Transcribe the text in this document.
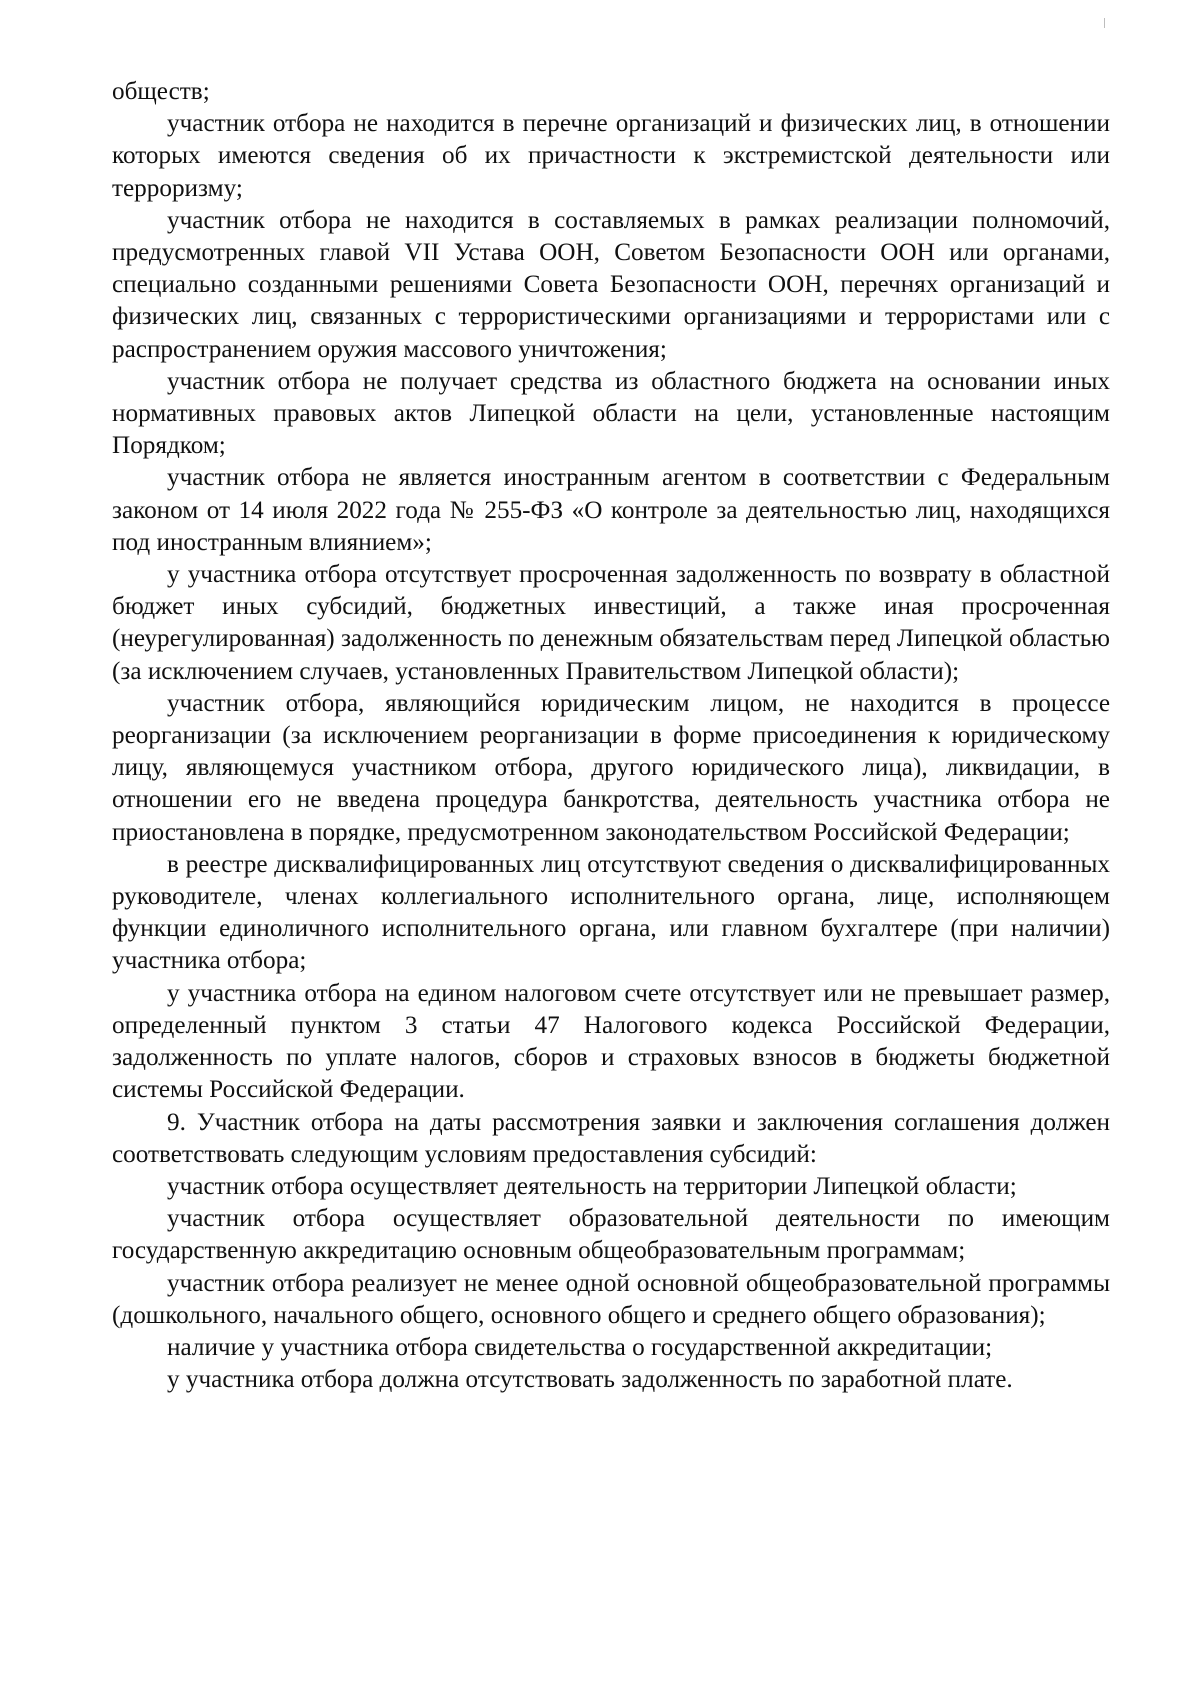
обществ;

участник отбора не находится в перечне организаций и физических лиц, в отношении которых имеются сведения об их причастности к экстремистской деятельности или терроризму;

участник отбора не находится в составляемых в рамках реализации полномочий, предусмотренных главой VII Устава ООН, Советом Безопасности ООН или органами, специально созданными решениями Совета Безопасности ООН, перечнях организаций и физических лиц, связанных с террористическими организациями и террористами или с распространением оружия массового уничтожения;

участник отбора не получает средства из областного бюджета на основании иных нормативных правовых актов Липецкой области на цели, установленные настоящим Порядком;

участник отбора не является иностранным агентом в соответствии с Федеральным законом от 14 июля 2022 года № 255-ФЗ «О контроле за деятельностью лиц, находящихся под иностранным влиянием»;

у участника отбора отсутствует просроченная задолженность по возврату в областной бюджет иных субсидий, бюджетных инвестиций, а также иная просроченная (неурегулированная) задолженность по денежным обязательствам перед Липецкой областью (за исключением случаев, установленных Правительством Липецкой области);

участник отбора, являющийся юридическим лицом, не находится в процессе реорганизации (за исключением реорганизации в форме присоединения к юридическому лицу, являющемуся участником отбора, другого юридического лица), ликвидации, в отношении его не введена процедура банкротства, деятельность участника отбора не приостановлена в порядке, предусмотренном законодательством Российской Федерации;

в реестре дисквалифицированных лиц отсутствуют сведения о дисквалифицированных руководителе, членах коллегиального исполнительного органа, лице, исполняющем функции единоличного исполнительного органа, или главном бухгалтере (при наличии) участника отбора;

у участника отбора на едином налоговом счете отсутствует или не превышает размер, определенный пунктом 3 статьи 47 Налогового кодекса Российской Федерации, задолженность по уплате налогов, сборов и страховых взносов в бюджеты бюджетной системы Российской Федерации.

9. Участник отбора на даты рассмотрения заявки и заключения соглашения должен соответствовать следующим условиям предоставления субсидий:

участник отбора осуществляет деятельность на территории Липецкой области;

участник отбора осуществляет образовательной деятельности по имеющим государственную аккредитацию основным общеобразовательным программам;

участник отбора реализует не менее одной основной общеобразовательной программы (дошкольного, начального общего, основного общего и среднего общего образования);

наличие у участника отбора свидетельства о государственной аккредитации;

у участника отбора должна отсутствовать задолженность по заработной плате.
